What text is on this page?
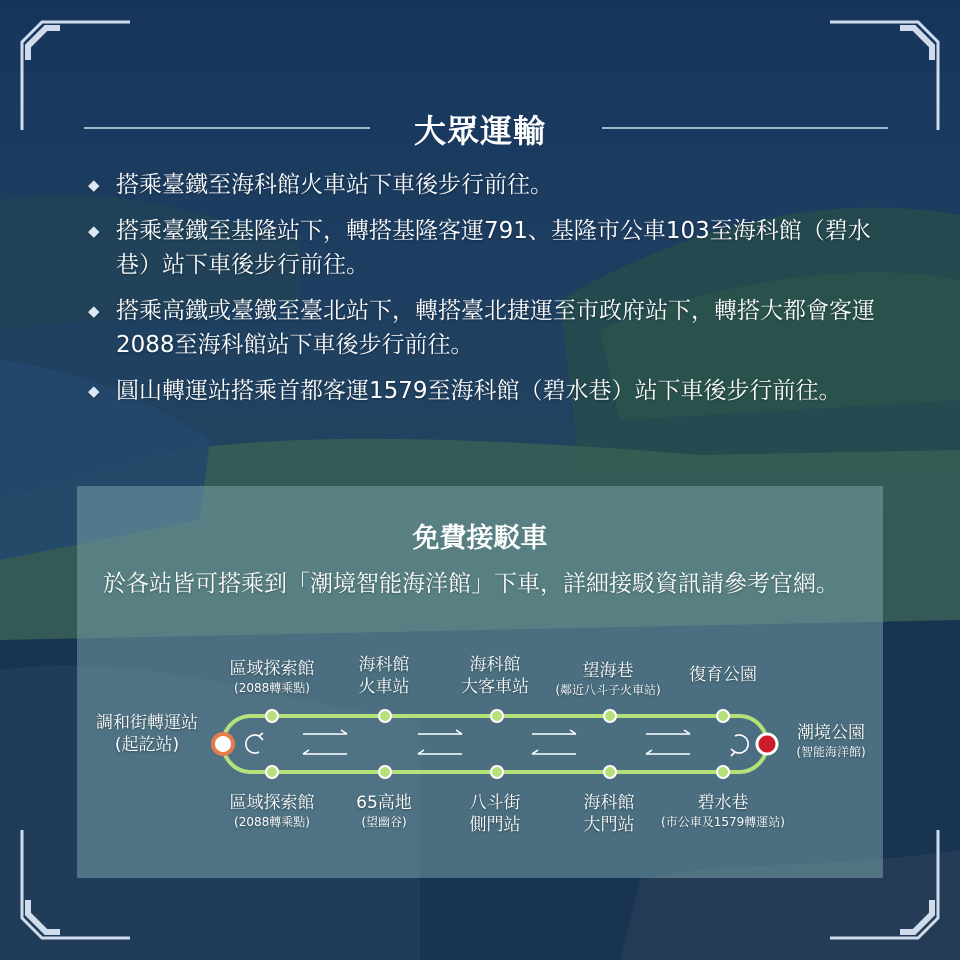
大眾運輸
◆ 搭乘臺鐵至海科館火車站下車後步行前往。
◆ 搭乘臺鐵至基隆站下，轉搭基隆客運791、基隆市公車103至海科館（碧水巷）站下車後步行前往。
◆ 搭乘高鐵或臺鐵至臺北站下，轉搭臺北捷運至市政府站下，轉搭大都會客運2088至海科館站下車後步行前往。
◆ 圓山轉運站搭乘首都客運1579至海科館（碧水巷）站下車後步行前往。
免費接駁車
於各站皆可搭乘到「潮境智能海洋館」下車，詳細接駁資訊請參考官網。
調和街轉運站
(起訖站)
潮境公園
(智能海洋館)
區域探索館
(2088轉乘點)
海科館
火車站
海科館
大客車站
望海巷
(鄰近八斗子火車站)
復育公園
區域探索館
(2088轉乘點)
65高地
(望幽谷)
八斗街
側門站
海科館
大門站
碧水巷
(市公車及1579轉運站)
